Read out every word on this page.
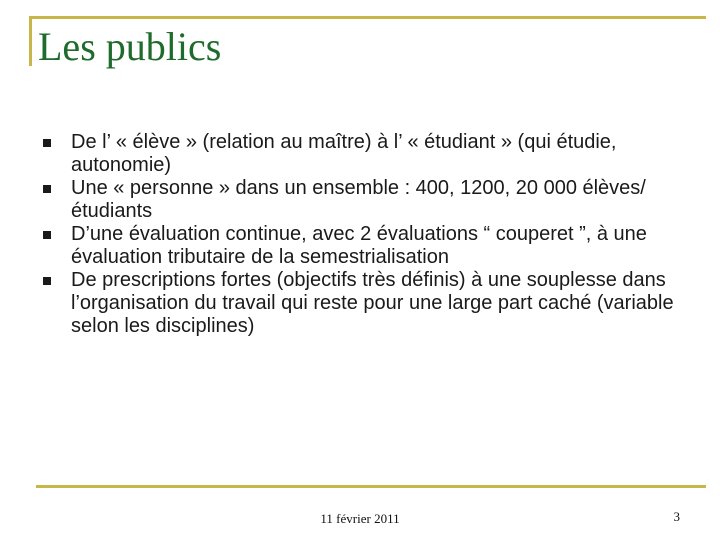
Les publics
De l’ « élève » (relation au maître) à l’ « étudiant » (qui étudie, autonomie)
Une « personne » dans un ensemble : 400, 1200, 20 000 élèves/étudiants
D’une évaluation continue, avec 2 évaluations “ couperet ”, à une évaluation tributaire de la semestrialisation
De prescriptions fortes (objectifs très définis) à une souplesse dans l’organisation du travail qui reste pour une large part caché (variable selon les disciplines)
11 février 2011	3
